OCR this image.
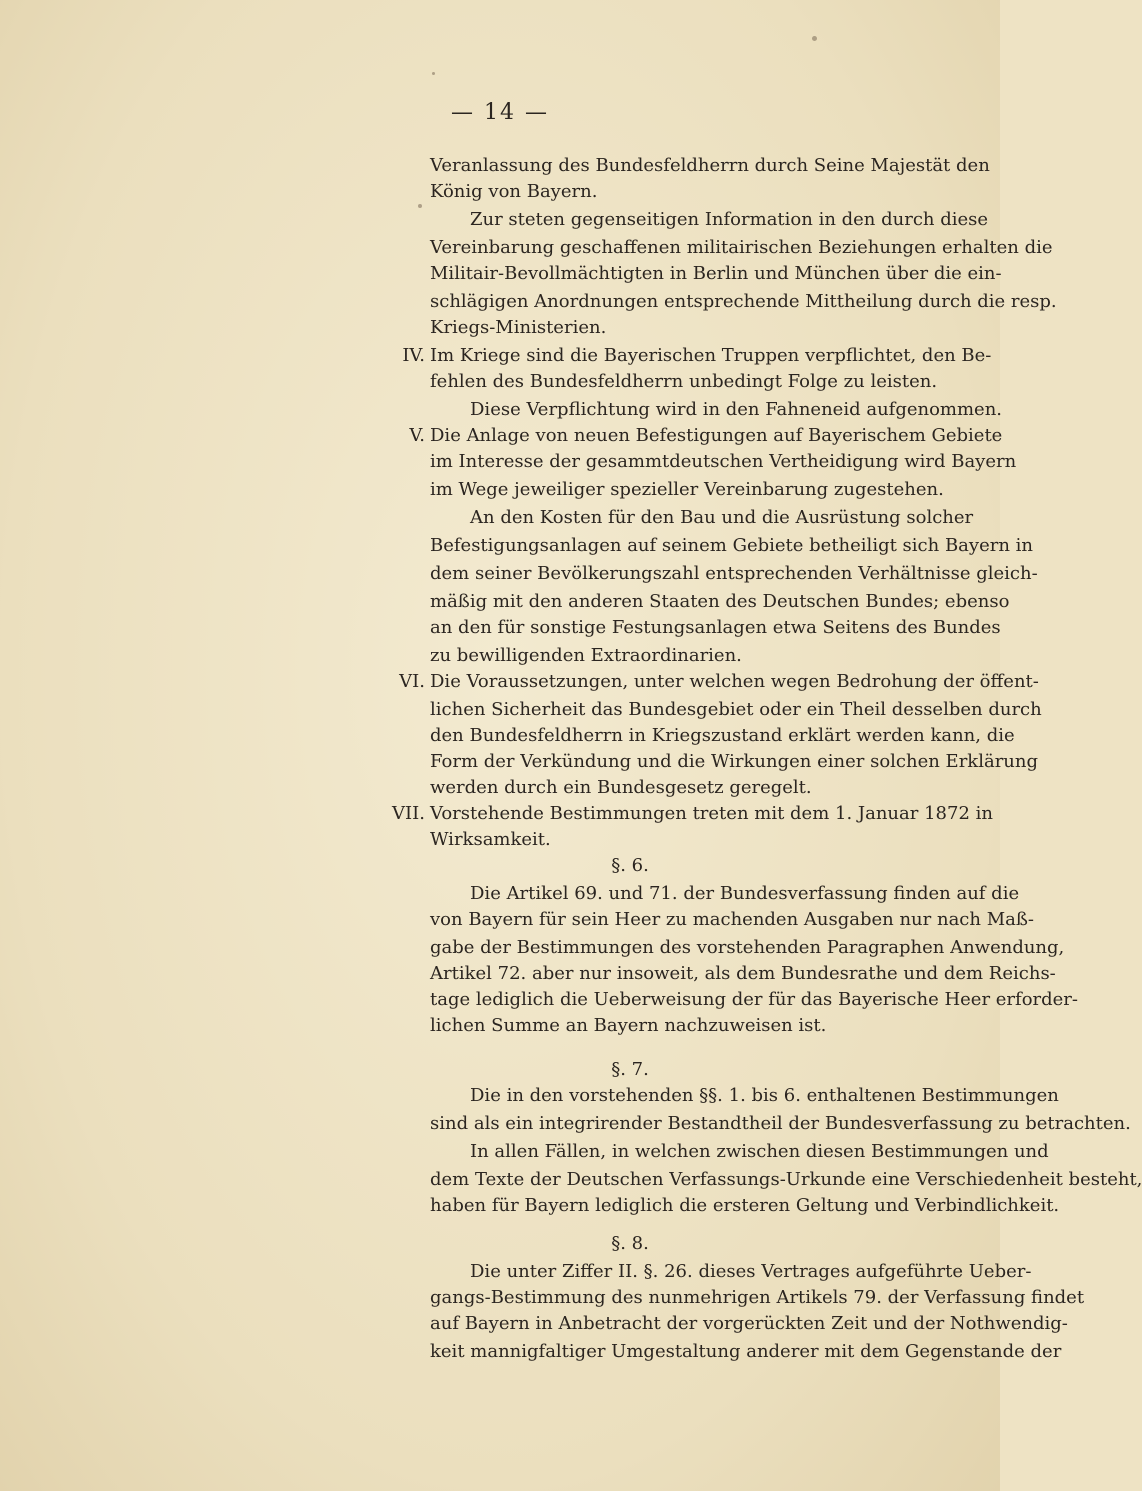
— 14 —
Veranlassung des Bundesfeldherrn durch Seine Majestät den
König von Bayern.
Zur steten gegenseitigen Information in den durch diese
Vereinbarung geschaffenen militairischen Beziehungen erhalten die
Militair-Bevollmächtigten in Berlin und München über die ein-
schlägigen Anordnungen entsprechende Mittheilung durch die resp.
Kriegs-Ministerien.
Im Kriege sind die Bayerischen Truppen verpflichtet, den Be-
IV.
fehlen des Bundesfeldherrn unbedingt Folge zu leisten.
Diese Verpflichtung wird in den Fahneneid aufgenommen.
Die Anlage von neuen Befestigungen auf Bayerischem Gebiete
V.
im Interesse der gesammtdeutschen Vertheidigung wird Bayern
im Wege jeweiliger spezieller Vereinbarung zugestehen.
An den Kosten für den Bau und die Ausrüstung solcher
Befestigungsanlagen auf seinem Gebiete betheiligt sich Bayern in
dem seiner Bevölkerungszahl entsprechenden Verhältnisse gleich-
mäßig mit den anderen Staaten des Deutschen Bundes; ebenso
an den für sonstige Festungsanlagen etwa Seitens des Bundes
zu bewilligenden Extraordinarien.
Die Voraussetzungen, unter welchen wegen Bedrohung der öffent-
VI.
lichen Sicherheit das Bundesgebiet oder ein Theil desselben durch
den Bundesfeldherrn in Kriegszustand erklärt werden kann, die
Form der Verkündung und die Wirkungen einer solchen Erklärung
werden durch ein Bundesgesetz geregelt.
Vorstehende Bestimmungen treten mit dem 1. Januar 1872 in
VII.
Wirksamkeit.
§. 6.
Die Artikel 69. und 71. der Bundesverfassung finden auf die
von Bayern für sein Heer zu machenden Ausgaben nur nach Maß-
gabe der Bestimmungen des vorstehenden Paragraphen Anwendung,
Artikel 72. aber nur insoweit, als dem Bundesrathe und dem Reichs-
tage lediglich die Ueberweisung der für das Bayerische Heer erforder-
lichen Summe an Bayern nachzuweisen ist.
§. 7.
Die in den vorstehenden §§. 1. bis 6. enthaltenen Bestimmungen
sind als ein integrirender Bestandtheil der Bundesverfassung zu betrachten.
In allen Fällen, in welchen zwischen diesen Bestimmungen und
dem Texte der Deutschen Verfassungs-Urkunde eine Verschiedenheit besteht,
haben für Bayern lediglich die ersteren Geltung und Verbindlichkeit.
§. 8.
Die unter Ziffer II. §. 26. dieses Vertrages aufgeführte Ueber-
gangs-Bestimmung des nunmehrigen Artikels 79. der Verfassung findet
auf Bayern in Anbetracht der vorgerückten Zeit und der Nothwendig-
keit mannigfaltiger Umgestaltung anderer mit dem Gegenstande der
